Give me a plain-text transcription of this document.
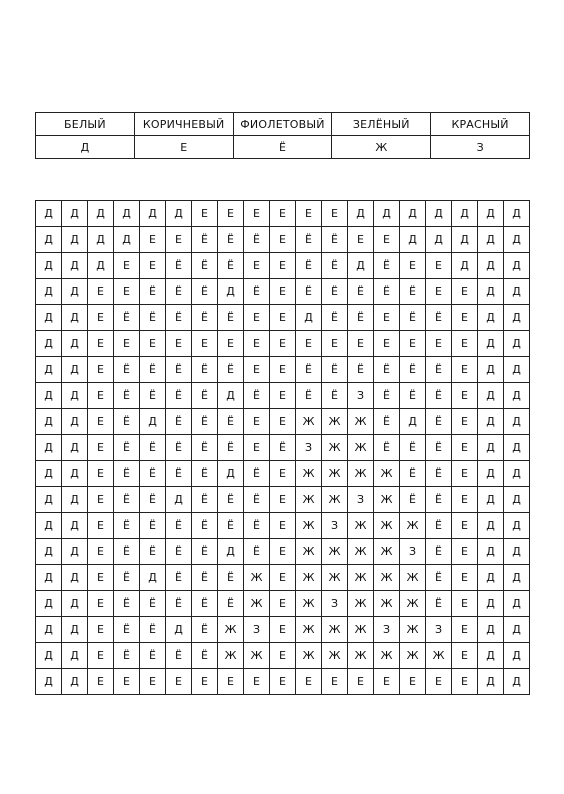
БЕЛЫЙ	КОРИЧНЕВЫЙ	ФИОЛЕТОВЫЙ	ЗЕЛЁНЫЙ	КРАСНЫЙ
Д	Е	Ё	Ж	З
Д	Д	Д	Д	Д	Д	Е	Е	Е	Е	Е	Е	Д	Д	Д	Д	Д	Д	Д
Д	Д	Д	Д	Е	Е	Ё	Ё	Ё	Е	Ё	Ё	Е	Е	Д	Д	Д	Д	Д
Д	Д	Д	Е	Е	Ё	Ё	Ё	Е	Е	Ё	Ё	Д	Ё	Е	Е	Д	Д	Д
Д	Д	Е	Е	Ё	Ё	Ё	Д	Ё	Е	Ё	Ё	Ё	Ё	Ё	Е	Е	Д	Д
Д	Д	Е	Ё	Ё	Ё	Ё	Ё	Е	Е	Д	Ё	Ё	Е	Ё	Ё	Е	Д	Д
Д	Д	Е	Е	Е	Е	Е	Е	Е	Е	Е	Е	Е	Е	Е	Е	Е	Д	Д
Д	Д	Е	Ё	Ё	Ё	Ё	Ё	Е	Е	Ё	Ё	Ё	Ё	Ё	Ё	Е	Д	Д
Д	Д	Е	Ё	Ё	Ё	Ё	Д	Ё	Е	Ё	Ё	З	Ё	Ё	Ё	Е	Д	Д
Д	Д	Е	Ё	Д	Ё	Ё	Ё	Е	Е	Ж	Ж	Ж	Ё	Д	Ё	Е	Д	Д
Д	Д	Е	Ё	Ё	Ё	Ё	Ё	Е	Ё	З	Ж	Ж	Ё	Ё	Ё	Е	Д	Д
Д	Д	Е	Ё	Ё	Ё	Ё	Д	Ё	Е	Ж	Ж	Ж	Ж	Ё	Ё	Е	Д	Д
Д	Д	Е	Ё	Ё	Д	Ё	Ё	Ё	Е	Ж	Ж	З	Ж	Ё	Ё	Е	Д	Д
Д	Д	Е	Ё	Ё	Ё	Ё	Ё	Ё	Е	Ж	З	Ж	Ж	Ж	Ё	Е	Д	Д
Д	Д	Е	Ё	Ё	Ё	Ё	Д	Ё	Е	Ж	Ж	Ж	Ж	З	Ё	Е	Д	Д
Д	Д	Е	Ё	Д	Ё	Ё	Ё	Ж	Е	Ж	Ж	Ж	Ж	Ж	Ё	Е	Д	Д
Д	Д	Е	Ё	Ё	Ё	Ё	Ё	Ж	Е	Ж	З	Ж	Ж	Ж	Ё	Е	Д	Д
Д	Д	Е	Ё	Ё	Д	Ё	Ж	З	Е	Ж	Ж	Ж	З	Ж	З	Е	Д	Д
Д	Д	Е	Ё	Ё	Ё	Ё	Ж	Ж	Е	Ж	Ж	Ж	Ж	Ж	Ж	Е	Д	Д
Д	Д	Е	Е	Е	Е	Е	Е	Е	Е	Е	Е	Е	Е	Е	Е	Е	Д	Д
